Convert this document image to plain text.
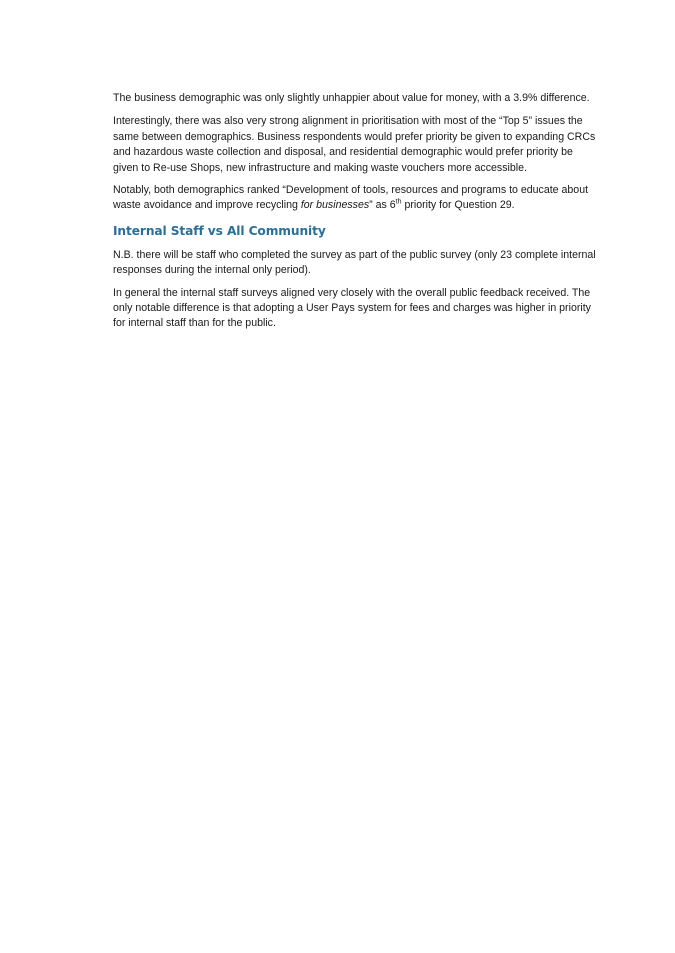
The business demographic was only slightly unhappier about value for money, with a 3.9% difference.

Interestingly, there was also very strong alignment in prioritisation with most of the “Top 5” issues the same between demographics. Business respondents would prefer priority be given to expanding CRCs and hazardous waste collection and disposal, and residential demographic would prefer priority be given to Re-use Shops, new infrastructure and making waste vouchers more accessible.

Notably, both demographics ranked “Development of tools, resources and programs to educate about waste avoidance and improve recycling for businesses” as 6th priority for Question 29.

Internal Staff vs All Community

N.B. there will be staff who completed the survey as part of the public survey (only 23 complete internal responses during the internal only period).

In general the internal staff surveys aligned very closely with the overall public feedback received. The only notable difference is that adopting a User Pays system for fees and charges was higher in priority for internal staff than for the public.
